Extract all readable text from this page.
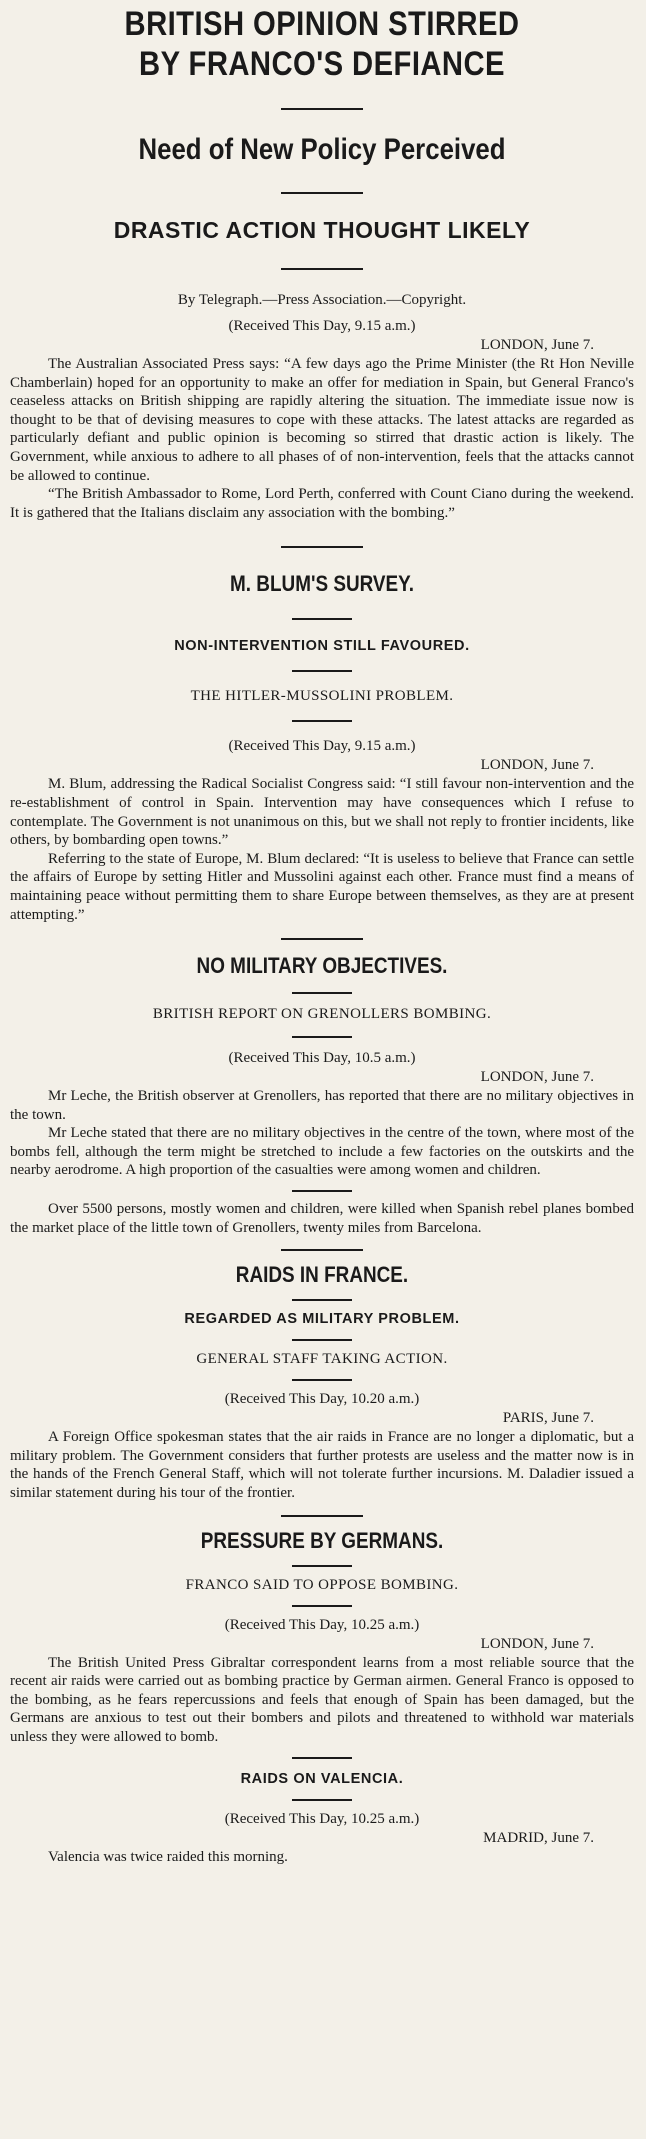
BRITISH OPINION STIRRED
BY FRANCO'S DEFIANCE
Need of New Policy Perceived
DRASTIC ACTION THOUGHT LIKELY

By Telegraph.—Press Association.—Copyright.

(Received This Day, 9.15 a.m.)

LONDON, June 7.

The Australian Associated Press says: “A few days ago the Prime Minister (the Rt Hon Neville Chamberlain) hoped for an opportunity to make an offer for mediation in Spain, but General Franco's ceaseless attacks on British shipping are rapidly altering the situation. The immediate issue now is thought to be that of devising measures to cope with these attacks. The latest attacks are regarded as particularly defiant and public opinion is becoming so stirred that drastic action is likely. The Government, while anxious to adhere to all phases of of non-intervention, feels that the attacks cannot be allowed to continue.

“The British Ambassador to Rome, Lord Perth, conferred with Count Ciano during the weekend. It is gathered that the Italians disclaim any association with the bombing.”

M. BLUM'S SURVEY.

NON-INTERVENTION STILL FAVOURED.

THE HITLER-MUSSOLINI PROBLEM.

(Received This Day, 9.15 a.m.)

LONDON, June 7.

M. Blum, addressing the Radical Socialist Congress said: “I still favour non-intervention and the re-establishment of control in Spain. Intervention may have consequences which I refuse to contemplate. The Government is not unanimous on this, but we shall not reply to frontier incidents, like others, by bombarding open towns.”

Referring to the state of Europe, M. Blum declared: “It is useless to believe that France can settle the affairs of Europe by setting Hitler and Mussolini against each other. France must find a means of maintaining peace without permitting them to share Europe between themselves, as they are at present attempting.”

NO MILITARY OBJECTIVES.

BRITISH REPORT ON GRENOLLERS BOMBING.

(Received This Day, 10.5 a.m.)

LONDON, June 7.

Mr Leche, the British observer at Grenollers, has reported that there are no military objectives in the town.

Mr Leche stated that there are no military objectives in the centre of the town, where most of the bombs fell, although the term might be stretched to include a few factories on the outskirts and the nearby aerodrome. A high proportion of the casualties were among women and children.

Over 5500 persons, mostly women and children, were killed when Spanish rebel planes bombed the market place of the little town of Grenollers, twenty miles from Barcelona.

RAIDS IN FRANCE.

REGARDED AS MILITARY PROBLEM.

GENERAL STAFF TAKING ACTION.

(Received This Day, 10.20 a.m.)

PARIS, June 7.

A Foreign Office spokesman states that the air raids in France are no longer a diplomatic, but a military problem. The Government considers that further protests are useless and the matter now is in the hands of the French General Staff, which will not tolerate further incursions. M. Daladier issued a similar statement during his tour of the frontier.

PRESSURE BY GERMANS.

FRANCO SAID TO OPPOSE BOMBING.

(Received This Day, 10.25 a.m.)

LONDON, June 7.

The British United Press Gibraltar correspondent learns from a most reliable source that the recent air raids were carried out as bombing practice by German airmen. General Franco is opposed to the bombing, as he fears repercussions and feels that enough of Spain has been damaged, but the Germans are anxious to test out their bombers and pilots and threatened to withhold war materials unless they were allowed to bomb.

RAIDS ON VALENCIA.

(Received This Day, 10.25 a.m.)

MADRID, June 7.

Valencia was twice raided this morning.
